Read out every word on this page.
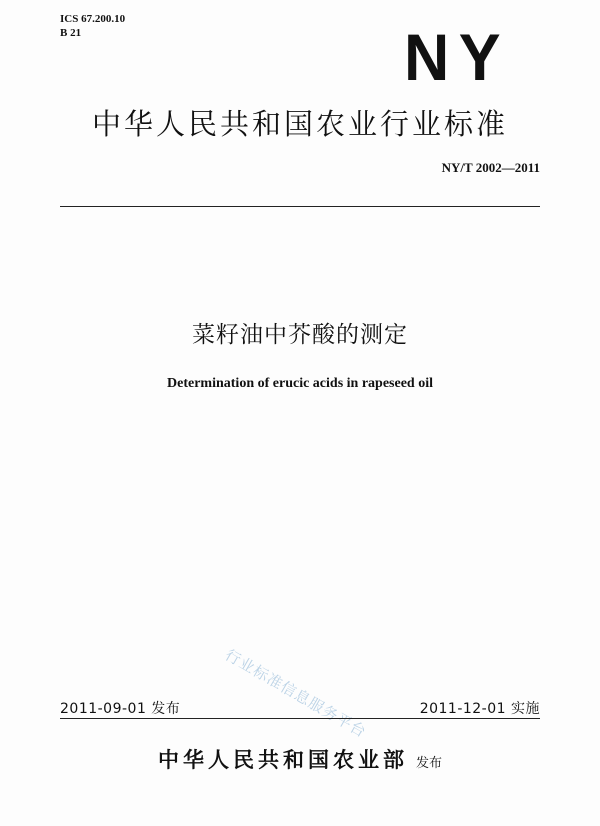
ICS 67.200.10
B 21	NY
中华人民共和国农业行业标准
NY/T 2002—2011
菜籽油中芥酸的测定
Determination of erucic acids in rapeseed oil
行业标准信息服务平台
2011-09-01 发布	2011-12-01 实施
中华人民共和国农业部 发布
